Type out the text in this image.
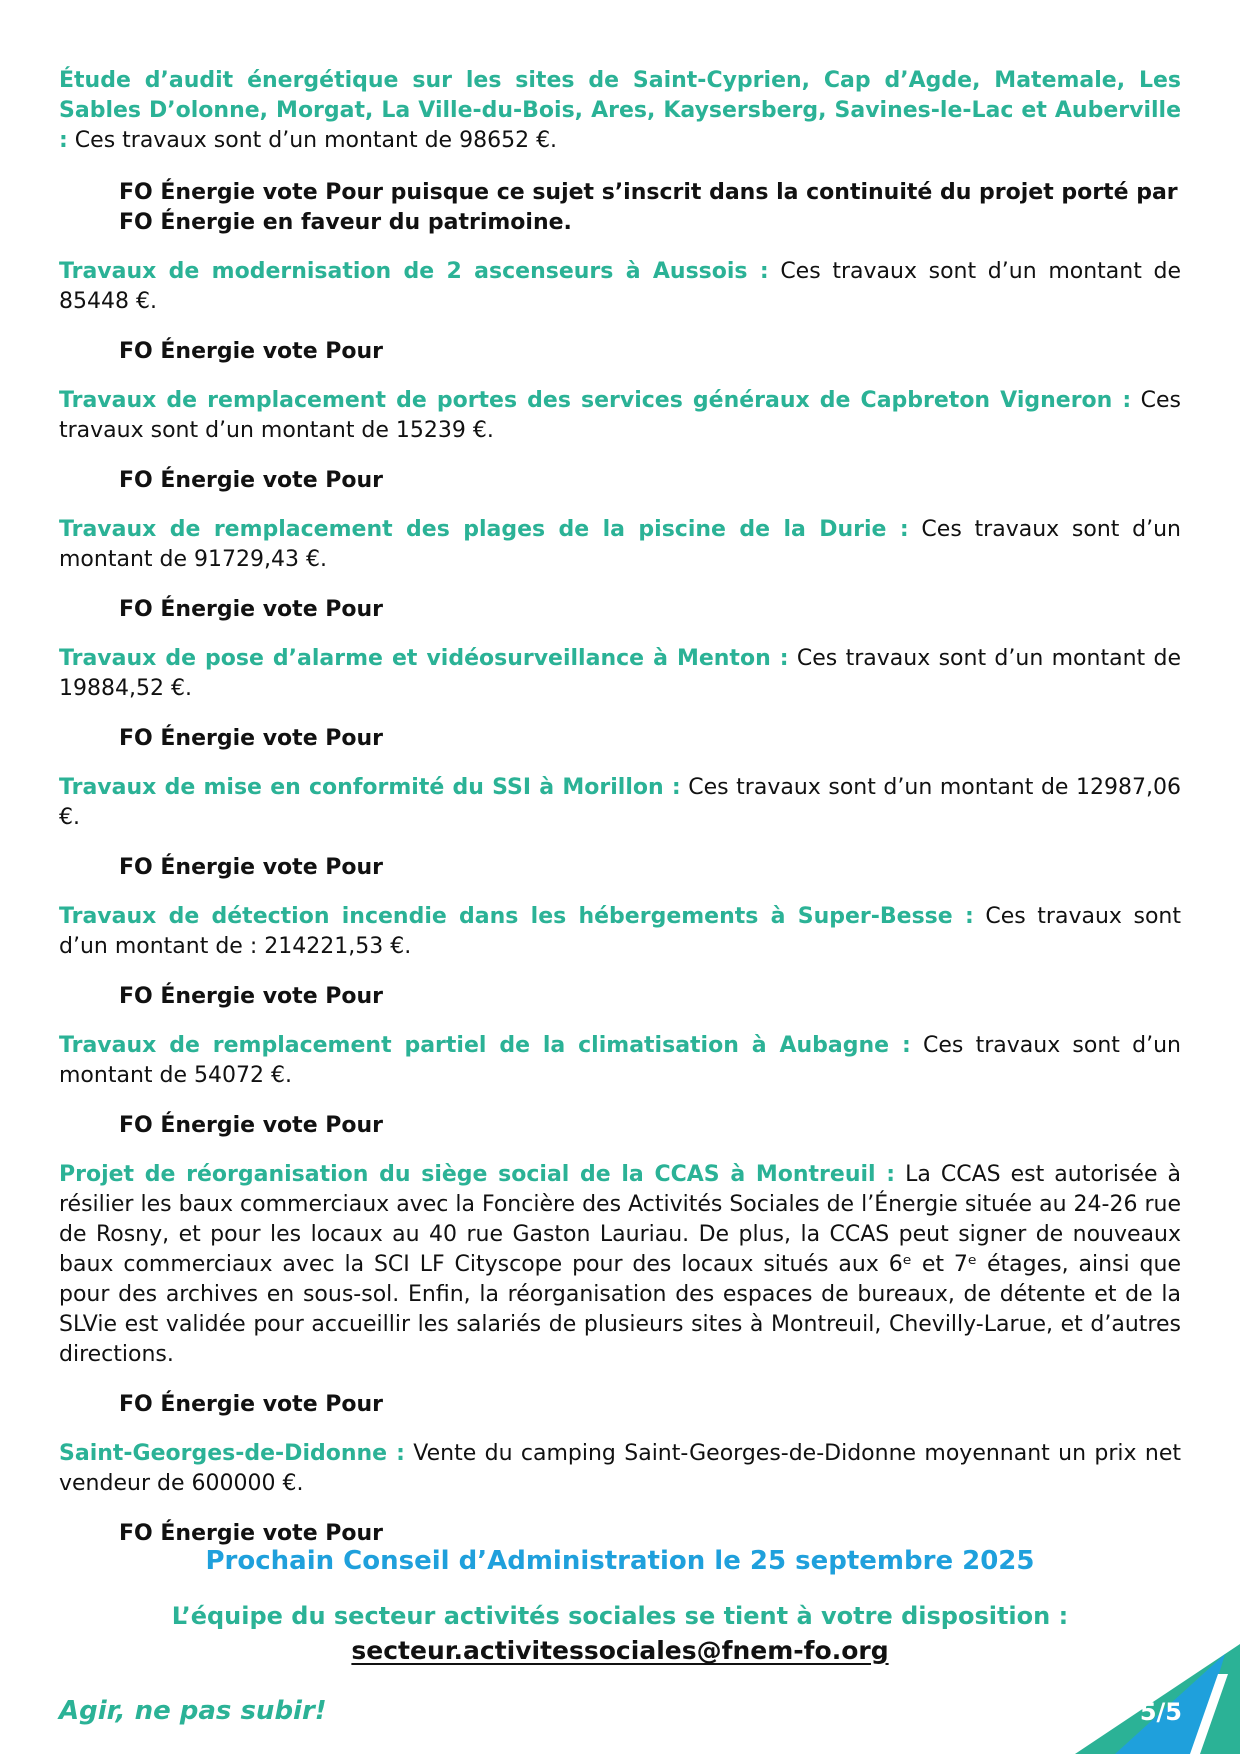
Étude d’audit énergétique sur les sites de Saint-Cyprien, Cap d’Agde, Matemale, Les Sables D’olonne, Morgat, La Ville-du-Bois, Ares, Kaysersberg, Savines-le-Lac et Auberville : Ces travaux sont d’un montant de 98652 €.

FO Énergie vote Pour puisque ce sujet s’inscrit dans la continuité du projet porté par FO Énergie en faveur du patrimoine.

Travaux de modernisation de 2 ascenseurs à Aussois : Ces travaux sont d’un montant de 85448 €.

FO Énergie vote Pour

Travaux de remplacement de portes des services généraux de Capbreton Vigneron : Ces travaux sont d’un montant de 15239 €.

FO Énergie vote Pour

Travaux de remplacement des plages de la piscine de la Durie : Ces travaux sont d’un montant de 91729,43 €.

FO Énergie vote Pour

Travaux de pose d’alarme et vidéosurveillance à Menton : Ces travaux sont d’un montant de 19884,52 €.

FO Énergie vote Pour

Travaux de mise en conformité du SSI à Morillon : Ces travaux sont d’un montant de 12987,06 €.

FO Énergie vote Pour

Travaux de détection incendie dans les hébergements à Super-Besse : Ces travaux sont d’un montant de : 214221,53 €.

FO Énergie vote Pour

Travaux de remplacement partiel de la climatisation à Aubagne : Ces travaux sont d’un montant de 54072 €.

FO Énergie vote Pour

Projet de réorganisation du siège social de la CCAS à Montreuil : La CCAS est autorisée à résilier les baux commerciaux avec la Foncière des Activités Sociales de l’Énergie située au 24-26 rue de Rosny, et pour les locaux au 40 rue Gaston Lauriau. De plus, la CCAS peut signer de nouveaux baux commerciaux avec la SCI LF Cityscope pour des locaux situés aux 6ᵉ et 7ᵉ étages, ainsi que pour des archives en sous-sol. Enfin, la réorganisation des espaces de bureaux, de détente et de la SLVie est validée pour accueillir les salariés de plusieurs sites à Montreuil, Chevilly-Larue, et d’autres directions.

FO Énergie vote Pour

Saint-Georges-de-Didonne : Vente du camping Saint-Georges-de-Didonne moyennant un prix net vendeur de 600000 €.

FO Énergie vote Pour

Prochain Conseil d’Administration le 25 septembre 2025
L’équipe du secteur activités sociales se tient à votre disposition :
secteur.activitessociales@fnem-fo.org
Agir, ne pas subir!	5/5
